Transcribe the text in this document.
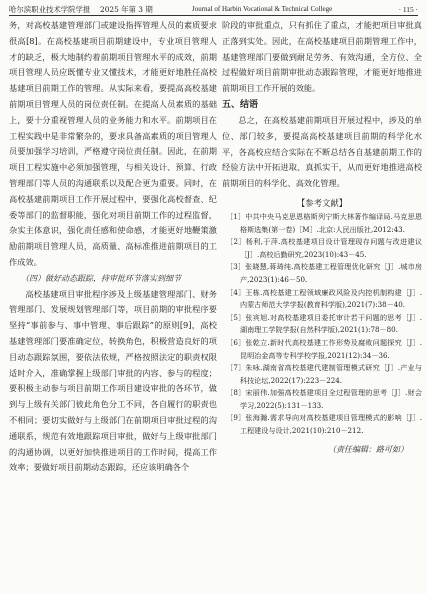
哈尔滨职业技术学院学报	2025 年第 3 期	Journal of Harbin Vocational & Technical College	· 115 ·

务，对高校基建管理部门或建设指挥管理人员的素质要求很高[8]。在高校基建项目前期建设中，专业项目管理人才的缺乏，极大地制约着前期项目管理水平的成效，前期项目管理人员应既懂专业又懂技术，才能更好地胜任高校基建项目前期工作的管理。从实际来看，要提高高校基建前期项目管理人员的岗位责任制。在提高人员素质的基础上，要十分重视管理人员的业务能力和水平。前期项目在工程实践中是非常繁杂的，要求具备高素质的项目管理人员要加强学习培训，严格遵守岗位责任制。因此，在前期项目工程实施中必须加强管理，与相关设计、预算、行政管理部门等人员的沟通联系以及配合更为重要。同时，在高校基建前期项目工作开展过程中，要强化高校督查、纪委等部门的监督职能，强化对项目前期工作的过程监督，杂实主体意识，强化责任感和使命感，才能更好地鞭策激励前期项目管理人员，高质量、高标准推进前期项目的工作成效。

（四）做好动态跟踪，持审批环节落实到细节

高校基建项目审批程序涉及上级基建管理部门、财务管理部门、发展规划管理部门等，项目前期的审批程序要坚持“事前参与、事中管理、事后跟踪”的原则[9]，高校基建管理部门要准确定位，转换角色，积极营造良好的项目动态跟踪氛围，要依法依规，严格按照法定的职责权限适时介入，准确掌握上级部门审批的内容、参与的程度；要积极主动参与项目前期工作项目建设审批的各环节，做到与上级有关部门彼此角色分工不同，各自履行的职责也不相同；要切实做好与上级部门在前期项目审批过程的沟通联系，规范有效地跟踪项目审批，做好与上级审批部门的沟通协调，以更好加快推进项目的工作时间，提高工作效率；要做好项目前期动态跟踪，还应该明确各个

阶段的审批重点，只有抓住了重点，才能把项目审批真正落到实处。因此，在高校基建项目前期管理工作中，基建管理部门要做到耐足劳务、有效沟通，全方位、全过程做好项目前期审批动态跟踪管理，才能更好地推进前期项目工作开展的效能。

五、结语

总之，在高校基建前期项目开展过程中，涉及的单位、部门较多，要提高高校基建项目前期的科学化水平，各高校应结合实际在不断总结各自基建前期工作的经验方法中开拓进取、真抓实干，从而更好地推进高校前期项目的科学化、高效化管理。

【参考文献】

［1］中共中央马克思恩格斯列宁斯大林著作编译局.马克思恩格斯选集(第一卷)［M］.北京:人民出版社,2012:43.

［2］杨利,于萍.高校基建项目设计管理现存问题与改进建议［J］.高校后勤研究,2023(10):43－45.

［3］张晓慧,蒋琦纯.高校基建工程管理优化研究［J］.城市房产,2023(1):46－50.

［4］王栋.高校基建工程领域廉政风险及内控机制构建［J］.内蒙古师范大学学报(教育科学版),2021(7):38－40.

［5］张宾旭.对高校基建项目委托审计若干问题的思考［J］.湖南理工学院学报(自然科学版),2021(1):78－80.

［6］张乾立.新时代高校基建工作形势及腐败问题探究［J］.昆明冶金高等专科学校学报,2021(12):34－36.

［7］朱咏.湖南省高校基建代建制管理模式研究［J］.产业与科技论坛,2022(17):223－224.

［8］宋丽伟.加强高校基建项目全过程管理的思考［J］.财会学习,2022(5):131－133.

［9］张海瀚.需求导向对高校基建项目管理模式的影响［J］.工程建设与设计,2021(10):210－212.

（责任编辑：路可如）
